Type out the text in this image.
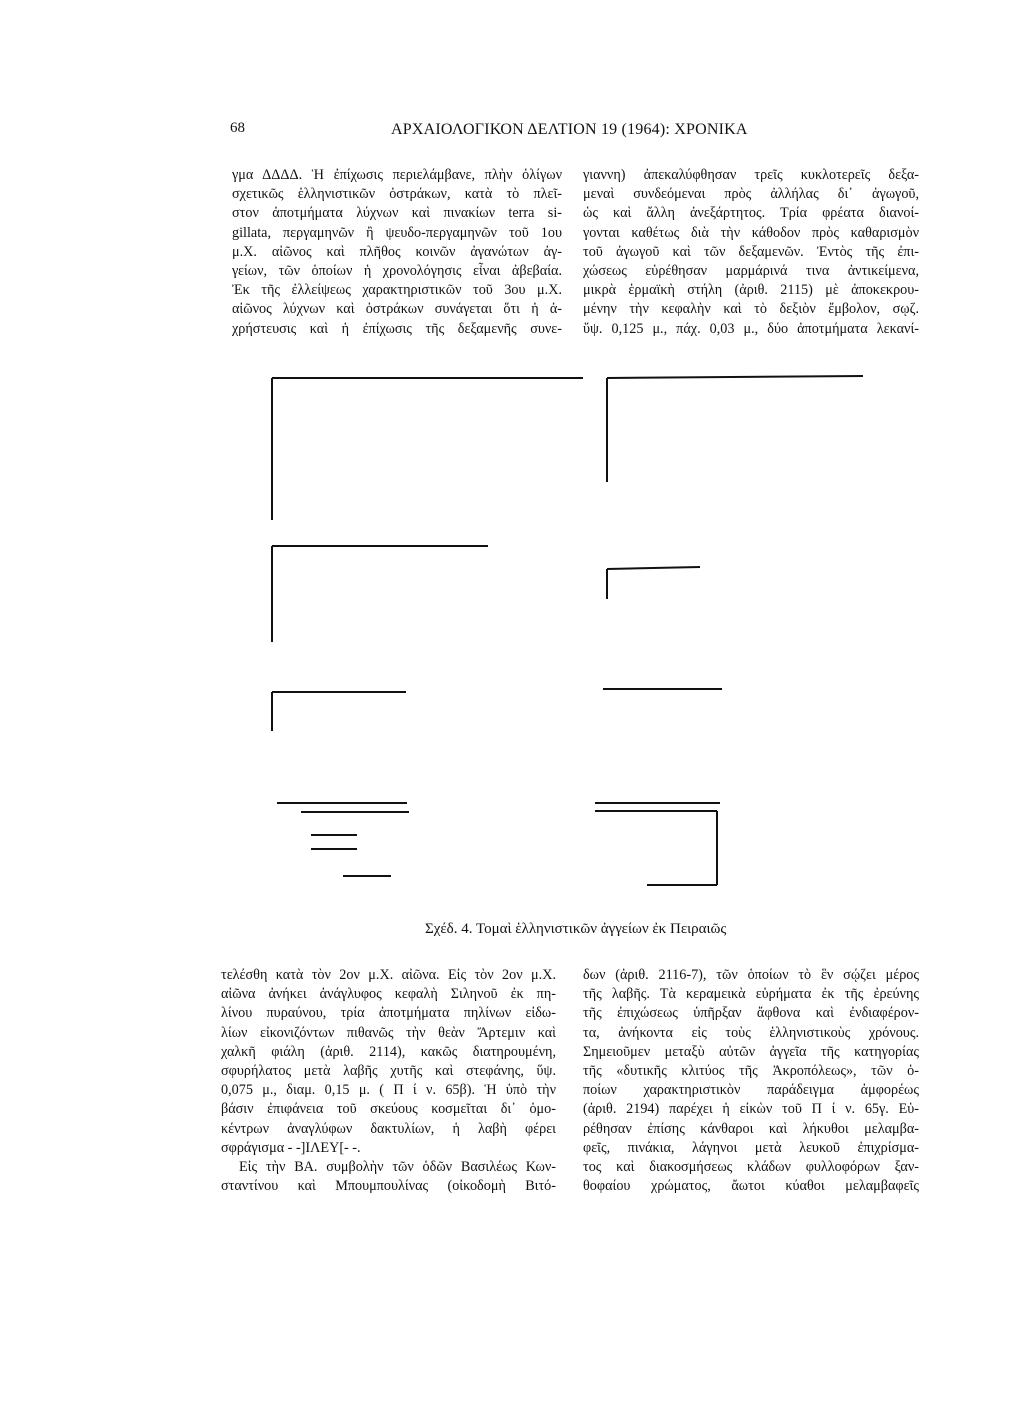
68	ΑΡΧΑΙΟΛΟΓΙΚΟΝ ΔΕΛΤΙΟΝ 19 (1964): ΧΡΟΝΙΚΑ
γμα ΔΔΔΔ. Ἡ ἐπίχωσις περιελάμβανε, πλὴν ὀλίγων
σχετικῶς ἑλληνιστικῶν ὀστράκων, κατὰ τὸ πλεῖ-
στον ἀποτμήματα λύχνων καὶ πινακίων terra si-
gillata, περγαμηνῶν ἢ ψευδο-περγαμηνῶν τοῦ 1ου
μ.Χ. αἰῶνος καὶ πλῆθος κοινῶν ἀγανώτων ἀγ-
γείων, τῶν ὁποίων ἡ χρονολόγησις εἶναι ἀβεβαία.
Ἐκ τῆς ἐλλείψεως χαρακτηριστικῶν τοῦ 3ου μ.Χ.
αἰῶνος λύχνων καὶ ὀστράκων συνάγεται ὅτι ἡ ἀ-
χρήστευσις καὶ ἡ ἐπίχωσις τῆς δεξαμενῆς συνε-
γιαννη) ἀπεκαλύφθησαν τρεῖς κυκλοτερεῖς δεξα-
μεναὶ συνδεόμεναι πρὸς ἀλλήλας δι᾽ ἀγωγοῦ,
ὡς καὶ ἄλλη ἀνεξάρτητος. Τρία φρέατα διανοί-
γονται καθέτως διὰ τὴν κάθοδον πρὸς καθαρισμὸν
τοῦ ἀγωγοῦ καὶ τῶν δεξαμενῶν. Ἐντὸς τῆς ἐπι-
χώσεως εὑρέθησαν μαρμάρινά τινα ἀντικείμενα,
μικρὰ ἑρμαϊκὴ στήλη (ἀριθ. 2115) μὲ ἀποκεκρου-
μένην τὴν κεφαλὴν καὶ τὸ δεξιὸν ἔμβολον, σῳζ.
ὕψ. 0,125 μ., πάχ. 0,03 μ., δύο ἀποτμήματα λεκανί-
Σχέδ. 4. Τομαὶ ἑλληνιστικῶν ἀγγείων ἐκ Πειραιῶς
τελέσθη κατὰ τὸν 2ον μ.Χ. αἰῶνα. Εἰς τὸν 2ον μ.Χ.
αἰῶνα ἀνήκει ἀνάγλυφος κεφαλὴ Σιληνοῦ ἐκ πη-
λίνου πυραύνου, τρία ἀποτμήματα πηλίνων εἰδω-
λίων εἰκονιζόντων πιθανῶς τὴν θεὰν Ἄρτεμιν καὶ
χαλκῆ φιάλη (ἀριθ. 2114), κακῶς διατηρουμένη,
σφυρήλατος μετὰ λαβῆς χυτῆς καὶ στεφάνης, ὕψ.
0,075 μ., διαμ. 0,15 μ. ( Π ί ν. 65β). Ἡ ὑπὸ τὴν
βάσιν ἐπιφάνεια τοῦ σκεύους κοσμεῖται δι᾽ ὁμο-
κέντρων ἀναγλύφων δακτυλίων, ἡ λαβὴ φέρει
σφράγισμα - -]ΙΛΕΥ[- -.
Εἰς τὴν ΒΑ. συμβολὴν τῶν ὁδῶν Βασιλέως Κων-
σταντίνου καὶ Μπουμπουλίνας (οἰκοδομὴ Βιτό-
δων (ἀριθ. 2116-7), τῶν ὁποίων τὸ ἓν σῴζει μέρος
τῆς λαβῆς. Τὰ κεραμεικὰ εὑρήματα ἐκ τῆς ἐρεύνης
τῆς ἐπιχώσεως ὑπῆρξαν ἄφθονα καὶ ἐνδιαφέρον-
τα, ἀνήκοντα εἰς τοὺς ἑλληνιστικοὺς χρόνους.
Σημειοῦμεν μεταξὺ αὐτῶν ἀγγεῖα τῆς κατηγορίας
τῆς «δυτικῆς κλιτύος τῆς Ἀκροπόλεως», τῶν ὁ-
ποίων χαρακτηριστικὸν παράδειγμα ἀμφορέως
(ἀριθ. 2194) παρέχει ἡ εἰκὼν τοῦ Π ί ν. 65γ. Εὑ-
ρέθησαν ἐπίσης κάνθαροι καὶ λήκυθοι μελαμβα-
φεῖς, πινάκια, λάγηνοι μετὰ λευκοῦ ἐπιχρίσμα-
τος καὶ διακοσμήσεως κλάδων φυλλοφόρων ξαν-
θοφαίου χρώματος, ἄωτοι κύαθοι μελαμβαφεῖς
